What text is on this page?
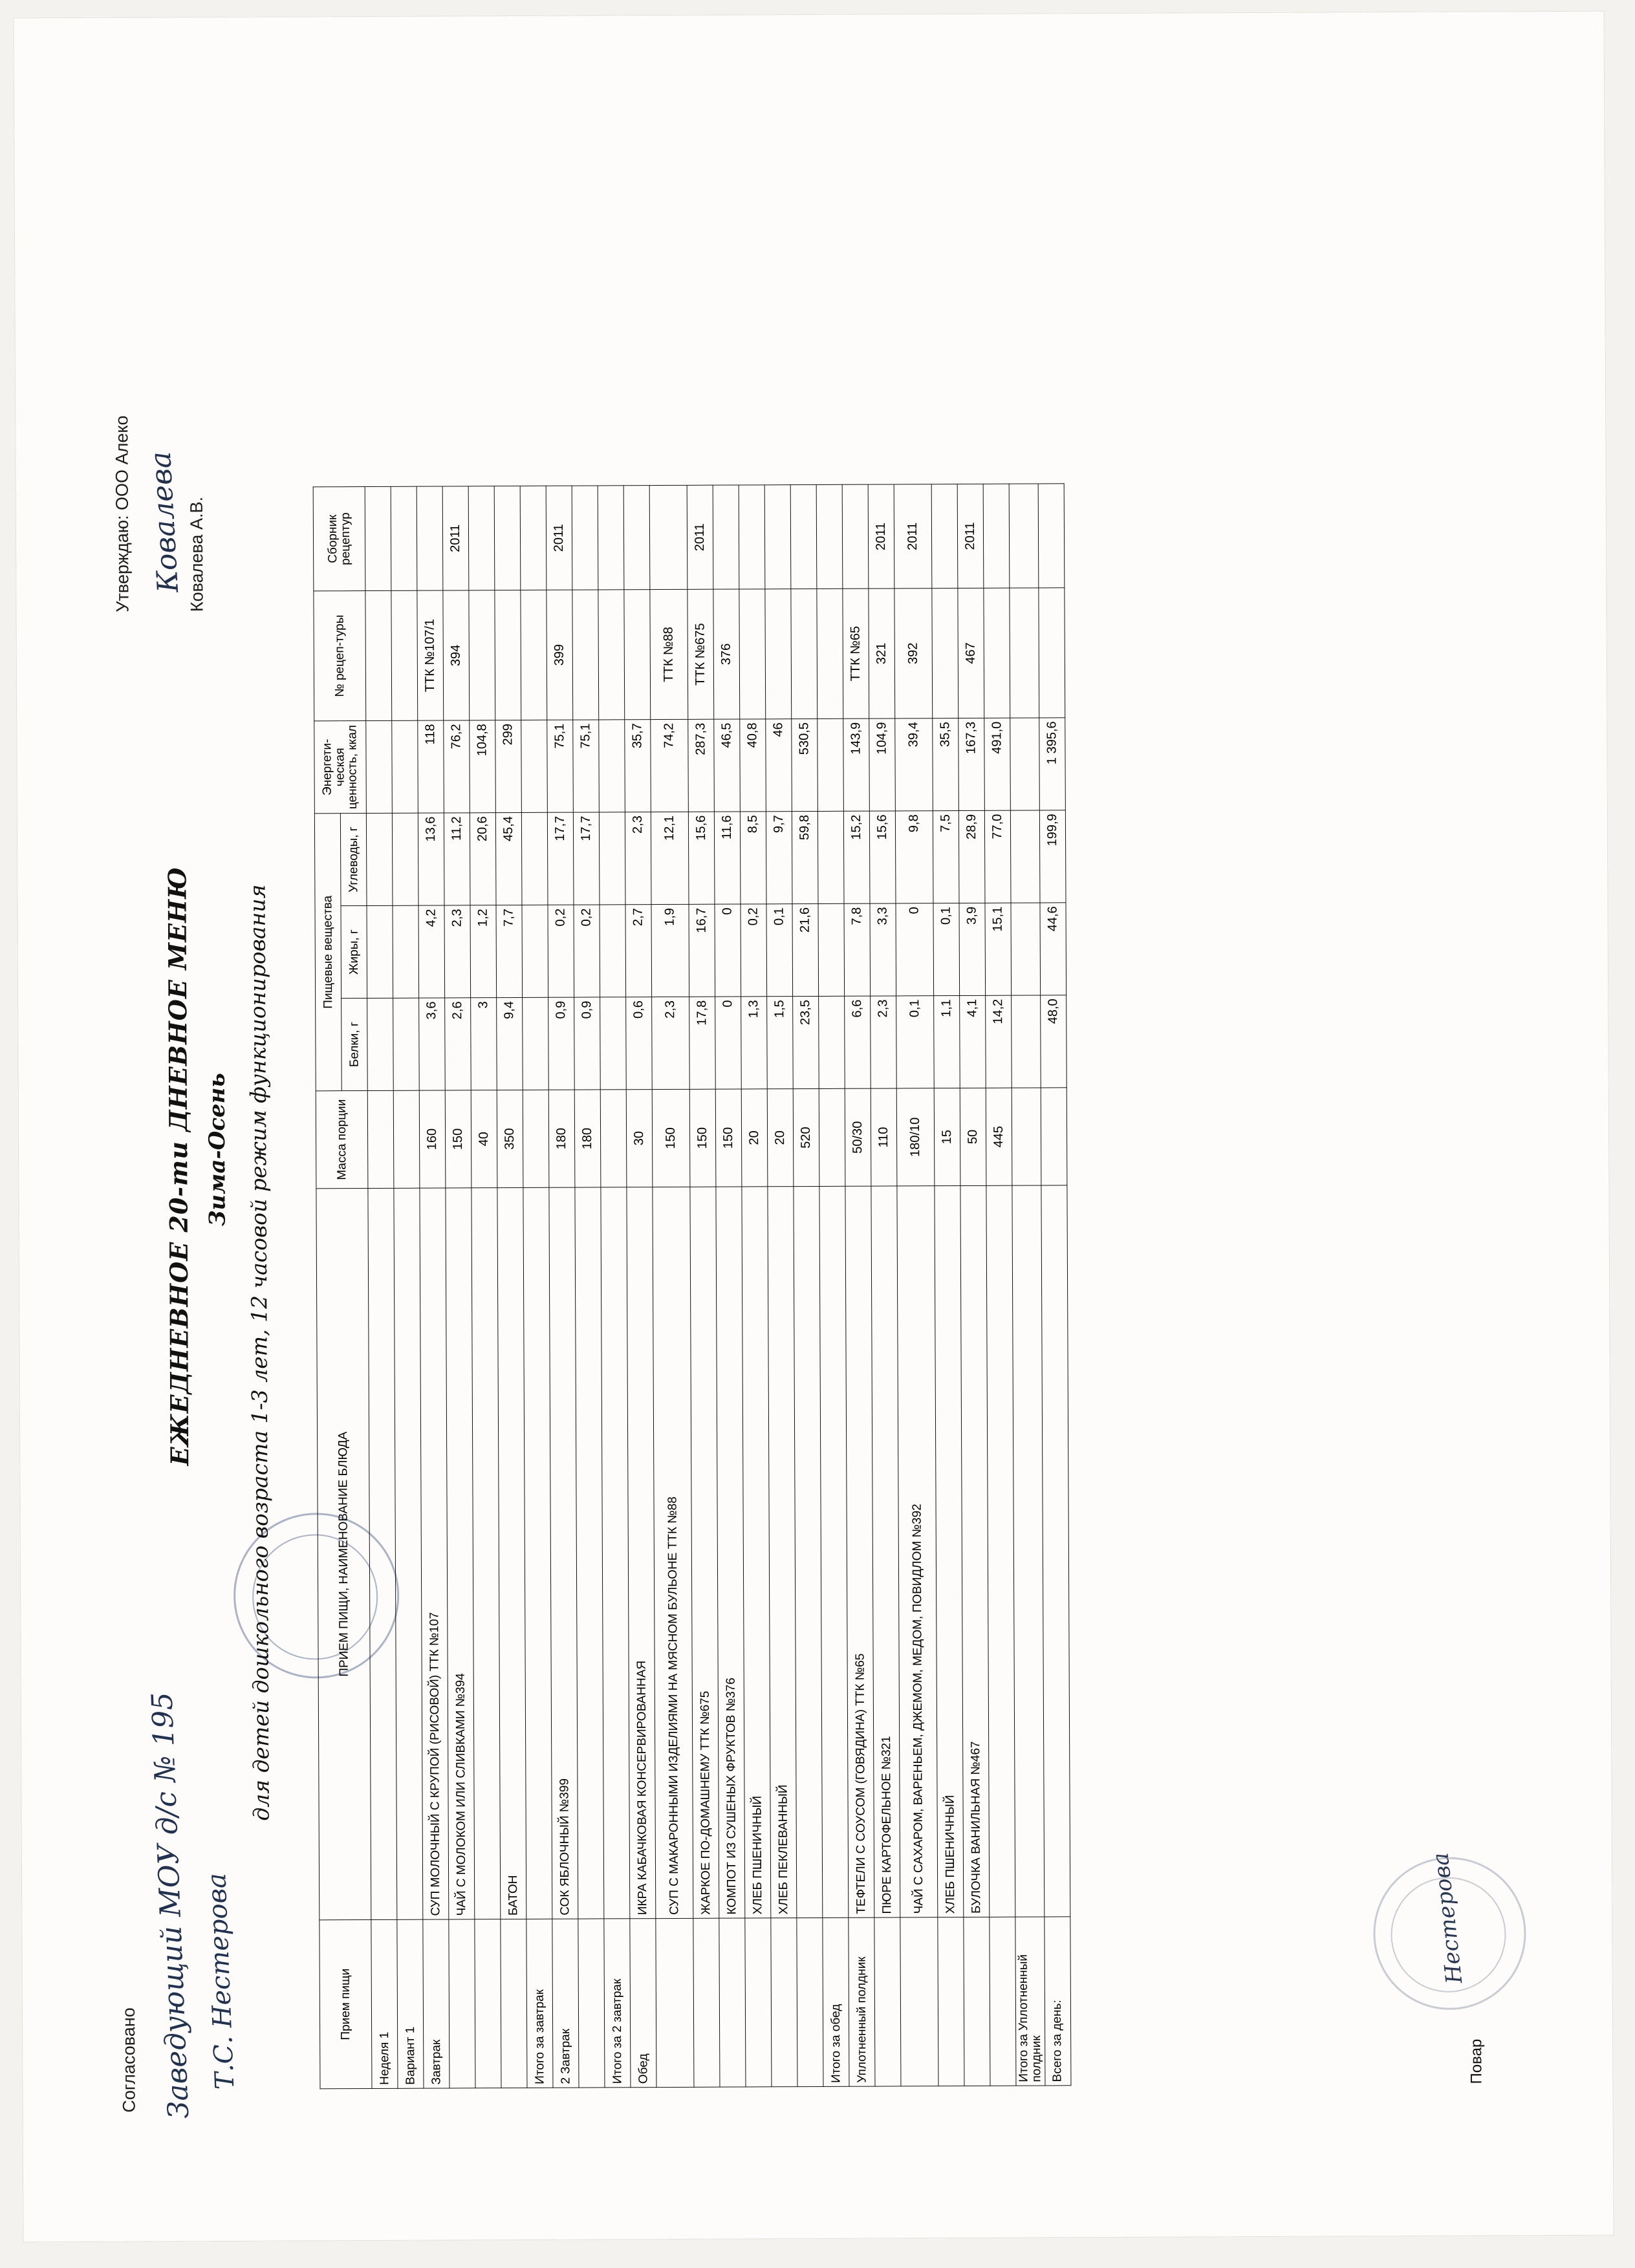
Согласовано Заведующий МОУ д/с № 195 Т.С. Нестерова
Утверждаю: ООО Алеко	Ковалева А.В.
Ковалева
ЕЖЕДНЕВНОЕ 20-ти ДНЕВНОЕ МЕНЮ Зима-Осень для детей дошкольного возраста 1-3 лет, 12 часовой режим функционирования
Прием пищи	ПРИЕМ ПИЩИ, НАИМЕНОВАНИЕ БЛЮДА	Масса порции	Пищевые вещества			Энергети-ческая ценность, ккал	№ рецеп-туры	Сборник рецептур
			Белки, г	Жиры, г	Углеводы, г			
Неделя 1								
Вариант 1								
Завтрак	СУП МОЛОЧНЫЙ С КРУПОЙ (РИСОВОЙ) ТТК №107	160	3,6	4,2	13,6	118	ТТК №107/1	
	ЧАЙ С МОЛОКОМ ИЛИ СЛИВКАМИ №394	150	2,6	2,3	11,2	76,2	394	2011
		40	3	1,2	20,6	104,8		
	БАТОН	350	9,4	7,7	45,4	299		
Итого за завтрак								
2 Завтрак	СОК ЯБЛОЧНЫЙ №399	180	0,9	0,2	17,7	75,1	399	2011
		180	0,9	0,2	17,7	75,1		
Итого за 2 завтрак								
Обед	ИКРА КАБАЧКОВАЯ КОНСЕРВИРОВАННАЯ	30	0,6	2,7	2,3	35,7		
	СУП С МАКАРОННЫМИ ИЗДЕЛИЯМИ НА МЯСНОМ БУЛЬОНЕ ТТК №88	150	2,3	1,9	12,1	74,2	ТТК №88	
	ЖАРКОЕ ПО-ДОМАШНЕМУ ТТК №675	150	17,8	16,7	15,6	287,3	ТТК №675	2011
	КОМПОТ ИЗ СУШЕНЫХ ФРУКТОВ №376	150	0	0	11,6	46,5	376	
	ХЛЕБ ПШЕНИЧНЫЙ	20	1,3	0,2	8,5	40,8		
	ХЛЕБ ПЕКЛЕВАННЫЙ	20	1,5	0,1	9,7	46		
		520	23,5	21,6	59,8	530,5		
Итого за обед								
Уплотненный полдник	ТЕФТЕЛИ С СОУСОМ (ГОВЯДИНА) ТТК №65	50/30	6,6	7,8	15,2	143,9	ТТК №65	
	ПЮРЕ КАРТОФЕЛЬНОЕ №321	110	2,3	3,3	15,6	104,9	321	2011
	ЧАЙ С САХАРОМ, ВАРЕНЬЕМ, ДЖЕМОМ, МЕДОМ, ПОВИДЛОМ №392	180/10	0,1	0	9,8	39,4	392	2011
	ХЛЕБ ПШЕНИЧНЫЙ	15	1,1	0,1	7,5	35,5		
	БУЛОЧКА ВАНИЛЬНАЯ №467	50	4,1	3,9	28,9	167,3	467	2011
		445	14,2	15,1	77,0	491,0		
Итого за Уплотненный полдник								
Всего за день:			48,0	44,6	199,9	1 395,6		
Повар
Нестерова
